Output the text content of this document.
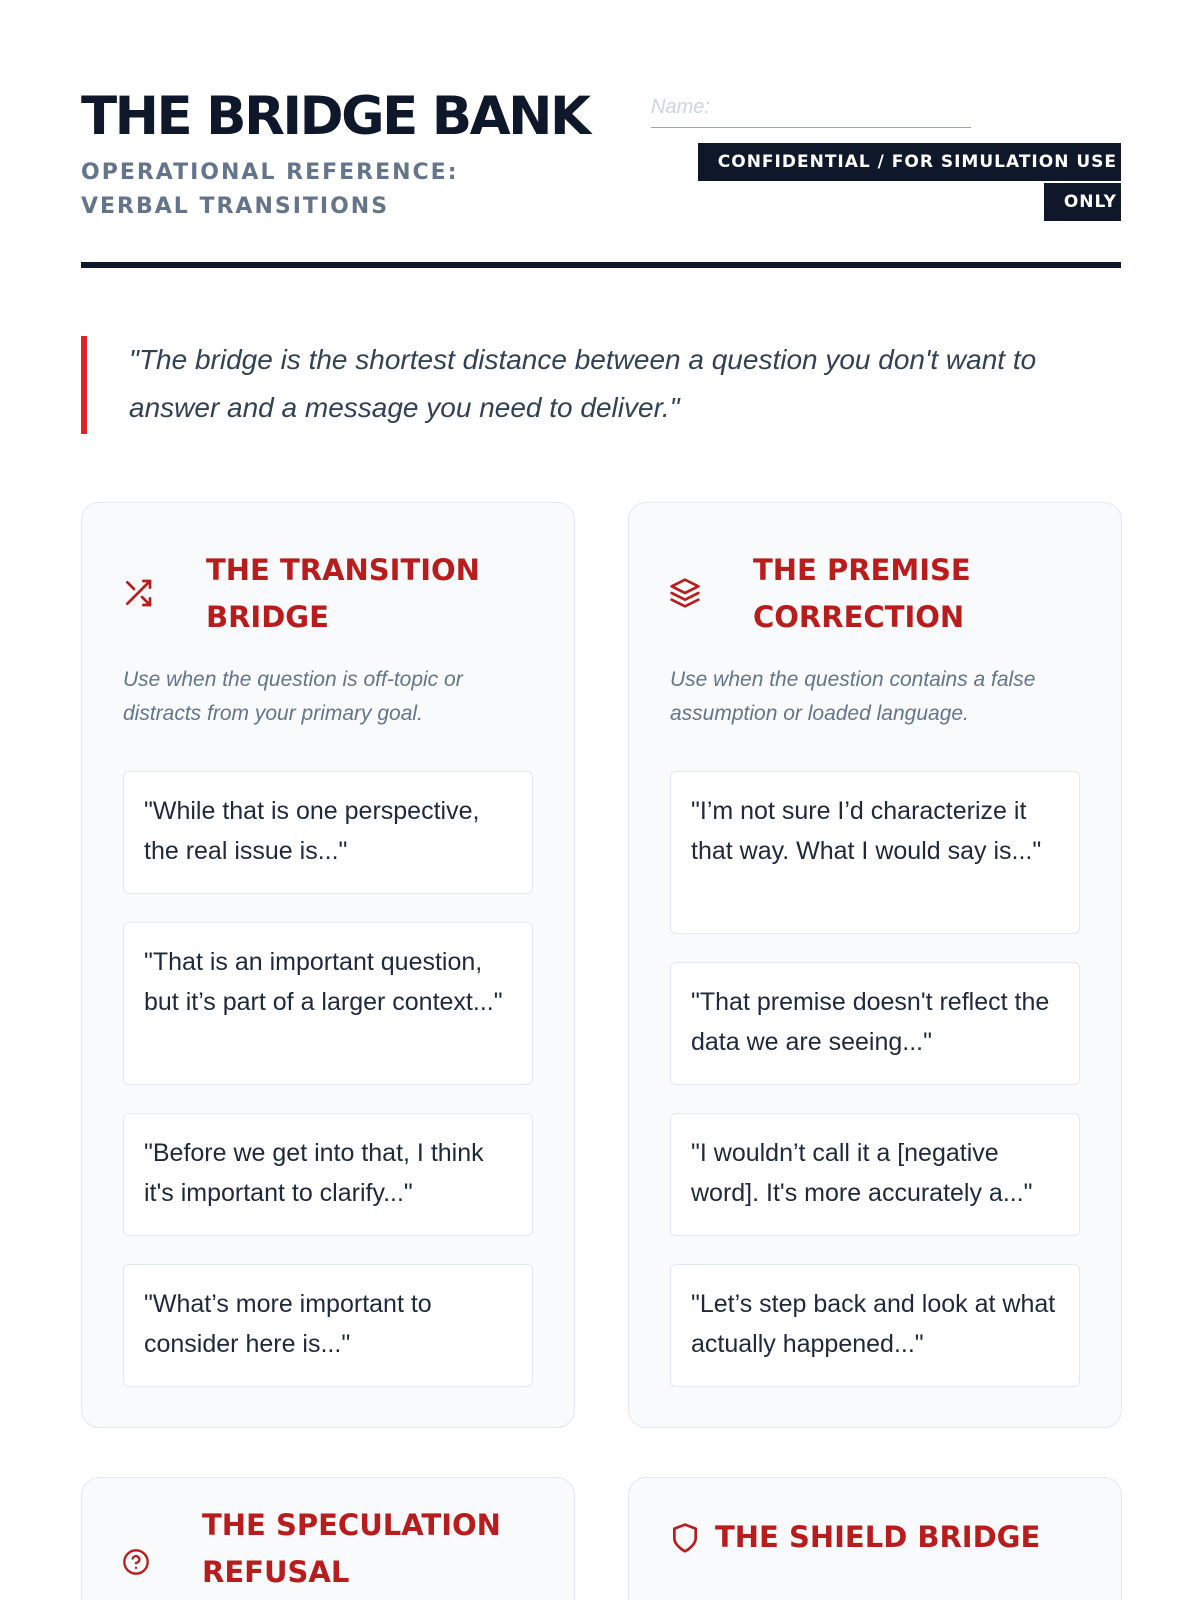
THE BRIDGE BANK
OPERATIONAL REFERENCE: VERBAL TRANSITIONS
Name:
CONFIDENTIAL / FOR SIMULATION USE ONLY
"The bridge is the shortest distance between a question you don't want to answer and a message you need to deliver."
THE TRANSITION BRIDGE

Use when the question is off-topic or distracts from your primary goal.

"While that is one perspective, the real issue is..."
"That is an important question, but it’s part of a larger context..."
"Before we get into that, I think it's important to clarify..."
"What’s more important to consider here is..."
THE PREMISE CORRECTION

Use when the question contains a false assumption or loaded language.

"I’m not sure I’d characterize it that way. What I would say is..."
"That premise doesn't reflect the data we are seeing..."
"I wouldn’t call it a [negative word]. It's more accurately a..."
"Let’s step back and look at what actually happened..."
THE SPECULATION REFUSAL
THE SHIELD BRIDGE
